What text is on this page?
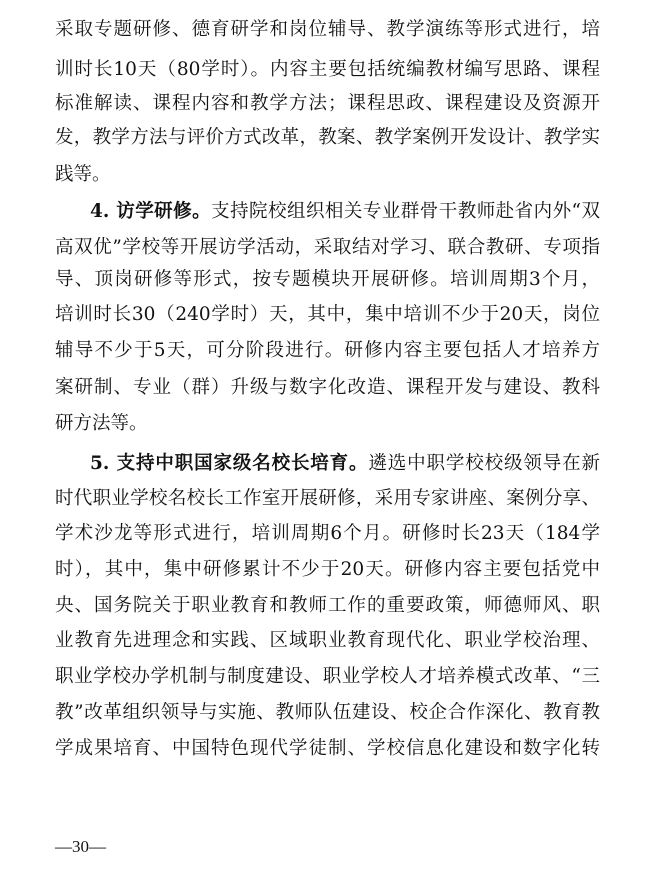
采取专题研修、德育研学和岗位辅导、教学演练等形式进行，培
训时长10天（80学时）。内容主要包括统编教材编写思路、课程
标准解读、课程内容和教学方法；课程思政、课程建设及资源开
发，教学方法与评价方式改革，教案、教学案例开发设计、教学实
践等。
4. 访学研修。支持院校组织相关专业群骨干教师赴省内外“双
高双优”学校等开展访学活动，采取结对学习、联合教研、专项指
导、顶岗研修等形式，按专题模块开展研修。培训周期3个月，
培训时长30（240学时）天，其中，集中培训不少于20天，岗位
辅导不少于5天，可分阶段进行。研修内容主要包括人才培养方
案研制、专业（群）升级与数字化改造、课程开发与建设、教科
研方法等。
5. 支持中职国家级名校长培育。遴选中职学校校级领导在新
时代职业学校名校长工作室开展研修，采用专家讲座、案例分享、
学术沙龙等形式进行，培训周期6个月。研修时长23天（184学
时），其中，集中研修累计不少于20天。研修内容主要包括党中
央、国务院关于职业教育和教师工作的重要政策，师德师风、职
业教育先进理念和实践、区域职业教育现代化、职业学校治理、
职业学校办学机制与制度建设、职业学校人才培养模式改革、“三
教”改革组织领导与实施、教师队伍建设、校企合作深化、教育教
学成果培育、中国特色现代学徒制、学校信息化建设和数字化转
—30—
